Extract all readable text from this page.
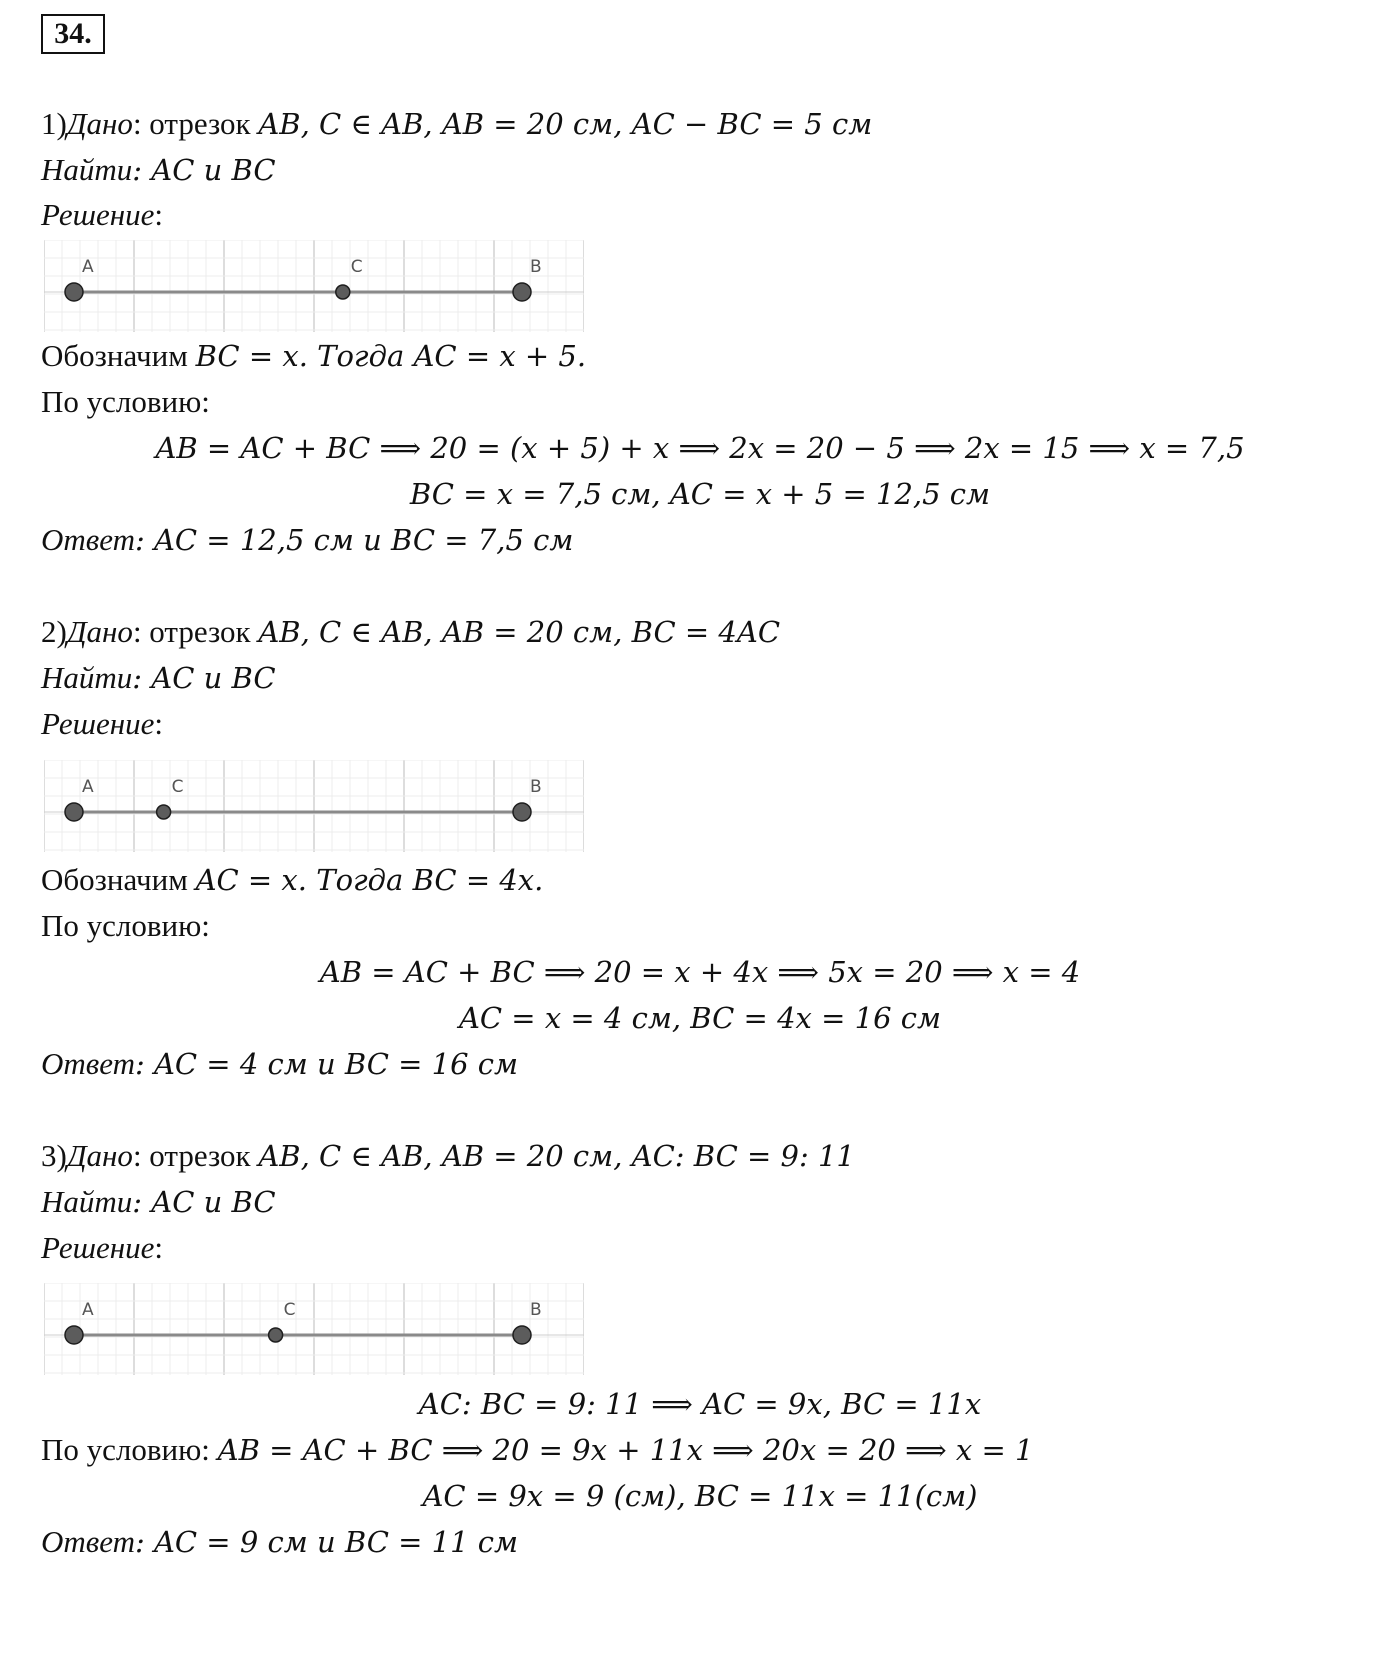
34.
1)Дано: отрезок AB, C ∈ AB, AB = 20 см, AC − BC = 5 см
Найти: AC и BC
Решение:
A	C	B
Обозначим BC = x. Тогда AC = x + 5.
По условию:
AB = AC + BC ⟹ 20 = (x + 5) + x ⟹ 2x = 20 − 5 ⟹ 2x = 15 ⟹ x = 7,5
BC = x = 7,5 см, AC = x + 5 = 12,5 см
Ответ: AC = 12,5 см и BC = 7,5 см
2)Дано: отрезок AB, C ∈ AB, AB = 20 см, BC = 4AC
Найти: AC и BC
Решение:
A	C	B
Обозначим AC = x. Тогда BC = 4x.
По условию:
AB = AC + BC ⟹ 20 = x + 4x ⟹ 5x = 20 ⟹ x = 4
AC = x = 4 см, BC = 4x = 16 см
Ответ: AC = 4 см и BC = 16 см
3)Дано: отрезок AB, C ∈ AB, AB = 20 см, AC: BC = 9: 11
Найти: AC и BC
Решение:
A	C	B
AC: BC = 9: 11 ⟹ AC = 9x, BC = 11x
По условию: AB = AC + BC ⟹ 20 = 9x + 11x ⟹ 20x = 20 ⟹ x = 1
AC = 9x = 9 (см), BC = 11x = 11(см)
Ответ: AC = 9 см и BC = 11 см
